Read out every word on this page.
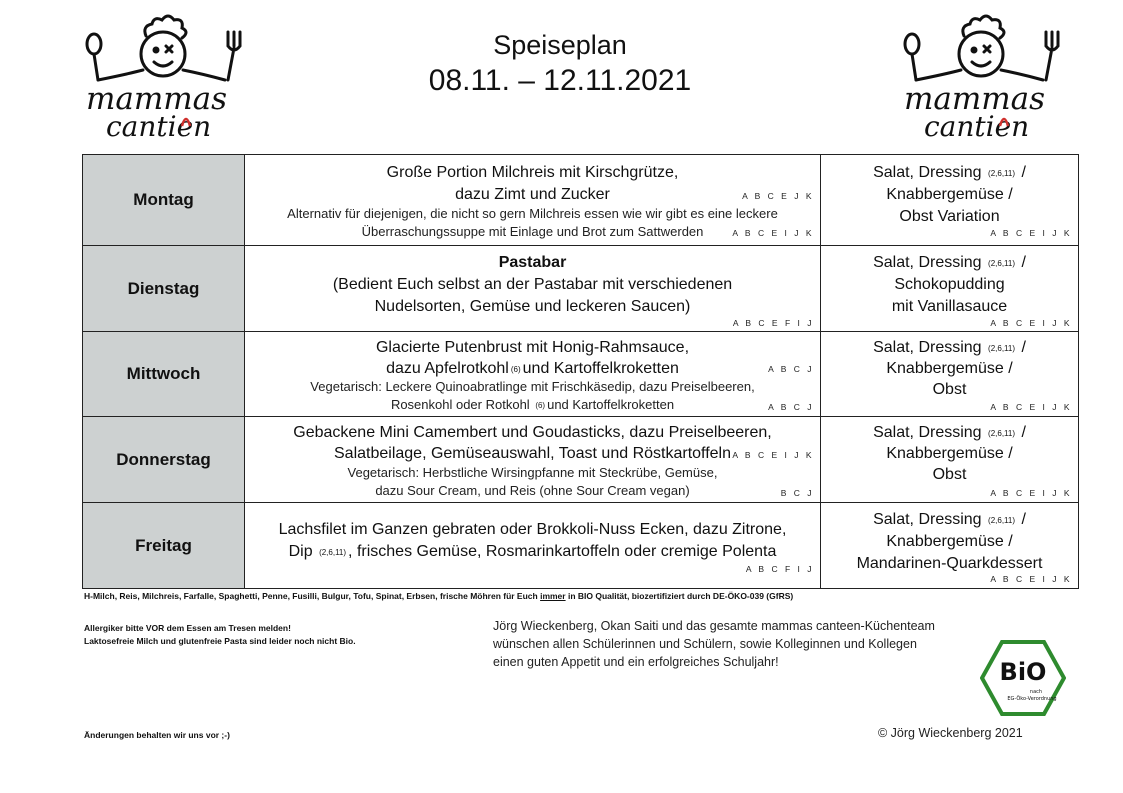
mammas
cantien
Speiseplan
08.11. – 12.11.2021
mammas
cantien
Montag
Große Portion Milchreis mit Kirschgrütze,
dazu Zimt und Zucker	A B C E J K
Alternativ für diejenigen, die nicht so gern Milchreis essen wie wir gibt es eine leckere
Überraschungssuppe mit Einlage und Brot zum Sattwerden	A B C E I J K
Salat, Dressing (2,6,11) /
Knabbergemüse /
Obst Variation
A B C E I J K
Dienstag
Pastabar
(Bedient Euch selbst an der Pastabar mit verschiedenen
Nudelsorten, Gemüse und leckeren Saucen)
A B C E F I J
Salat, Dressing (2,6,11) /
Schokopudding
mit Vanillasauce
A B C E I J K
Mittwoch
Glacierte Putenbrust mit Honig-Rahmsauce,
dazu Apfelrotkohl (6) und Kartoffelkroketten	A B C J
Vegetarisch: Leckere Quinoabratlinge mit Frischkäsedip, dazu Preiselbeeren,
Rosenkohl oder Rotkohl (6) und Kartoffelkroketten	A B C J
Salat, Dressing (2,6,11) /
Knabbergemüse /
Obst
A B C E I J K
Donnerstag
Gebackene Mini Camembert und Goudasticks, dazu Preiselbeeren,
Salatbeilage, Gemüseauswahl, Toast und Röstkartoffeln A B C E I J K
Vegetarisch: Herbstliche Wirsingpfanne mit Steckrübe, Gemüse,
dazu Sour Cream, und Reis (ohne Sour Cream vegan)	B C J
Salat, Dressing (2,6,11) /
Knabbergemüse /
Obst
A B C E I J K
Freitag
Lachsfilet im Ganzen gebraten oder Brokkoli-Nuss Ecken, dazu Zitrone,
Dip (2,6,11) , frisches Gemüse, Rosmarinkartoffeln oder cremige Polenta
A B C F I J
Salat, Dressing (2,6,11) /
Knabbergemüse /
Mandarinen-Quarkdessert
A B C E I J K
H-Milch, Reis, Milchreis, Farfalle, Spaghetti, Penne, Fusilli, Bulgur, Tofu, Spinat, Erbsen, frische Möhren für Euch immer in BIO Qualität, biozertifiziert durch DE-ÖKO-039 (GfRS)
Allergiker bitte VOR dem Essen am Tresen melden!
Laktosefreie Milch und glutenfreie Pasta sind leider noch nicht Bio.
Jörg Wieckenberg, Okan Saiti und das gesamte mammas canteen-Küchenteam
wünschen allen Schülerinnen und Schülern, sowie Kolleginnen und Kollegen
einen guten Appetit und ein erfolgreiches Schuljahr!	BiO
nach
EG-Öko-Verordnung
Änderungen behalten wir uns vor ;-)	© Jörg Wieckenberg 2021
